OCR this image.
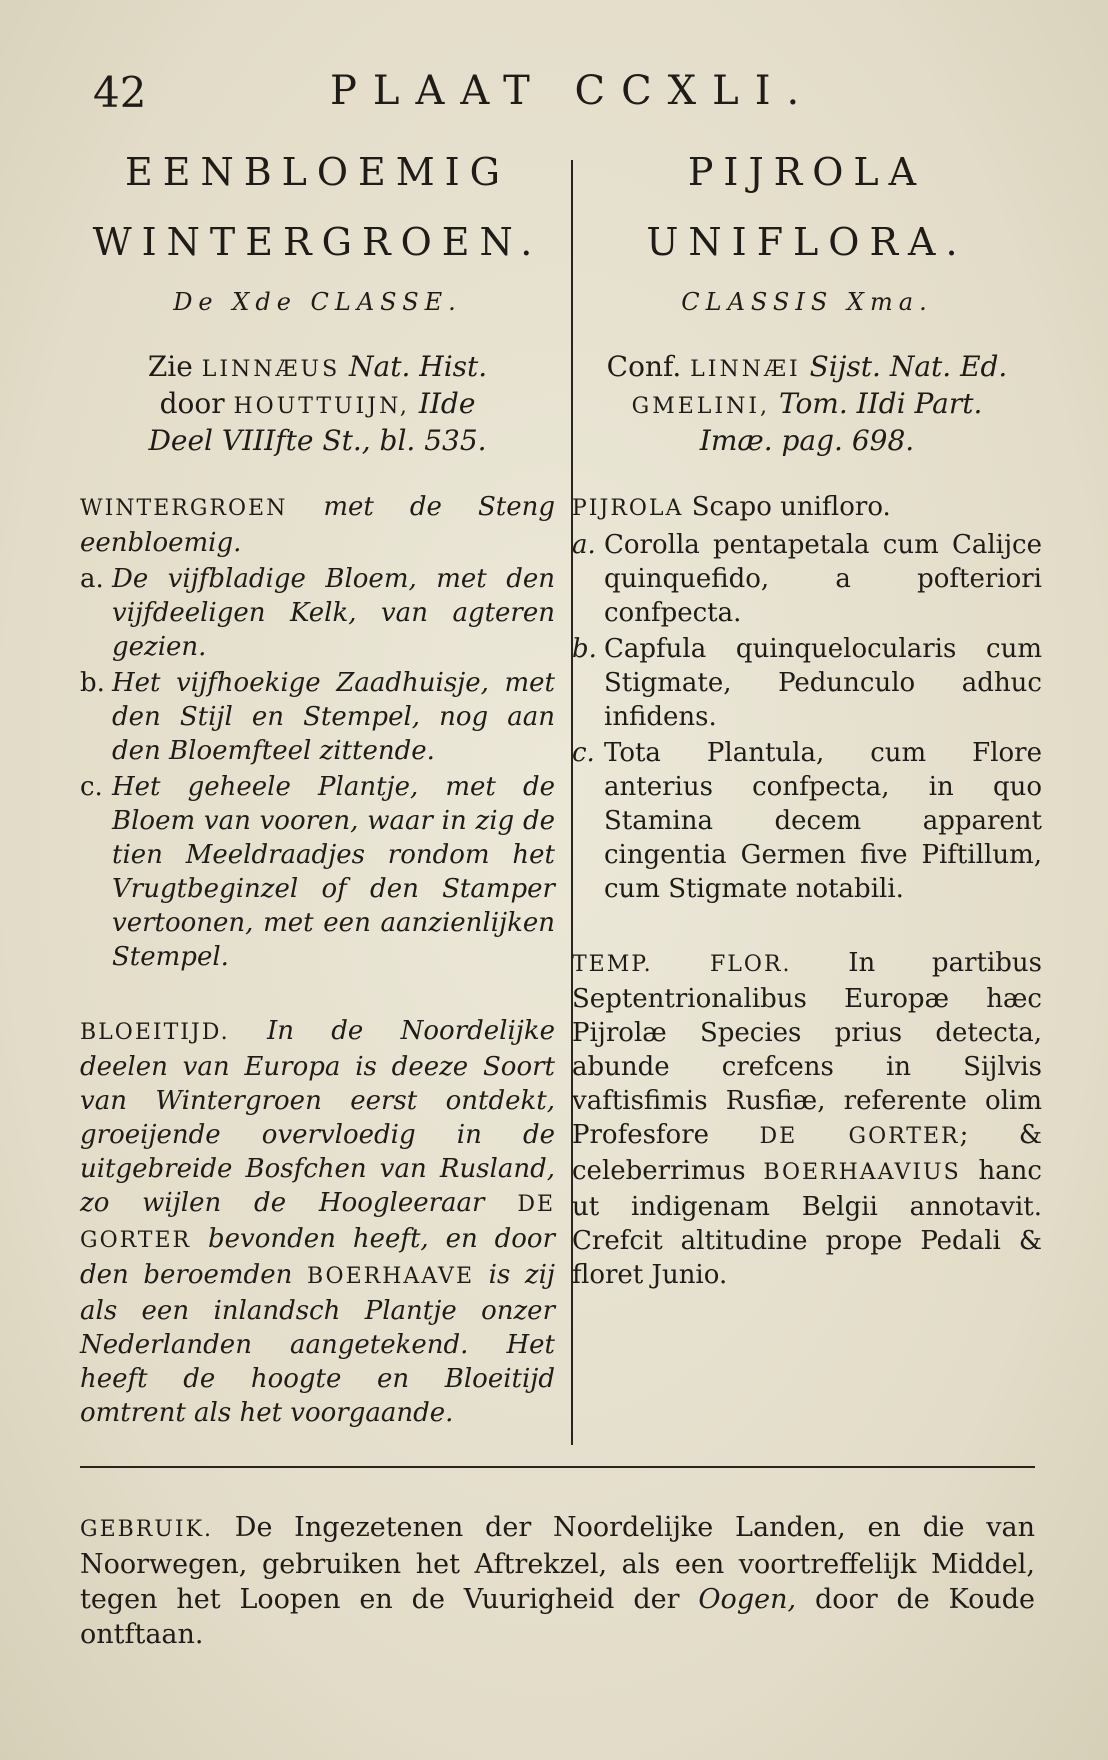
42	PLAAT CCXLI.

EENBLOEMIG

WINTERGROEN.

De Xde CLASSE.
Zie LINNÆUS Nat. Hist.
door HOUTTUIJN, IIde
Deel VIIIfte St., bl. 535.
WINTERGROEN met de Steng eenbloemig.
a. De vijfbladige Bloem, met den vijfdeeligen Kelk, van agteren gezien.
b. Het vijfhoekige Zaadhuisje, met den Stijl en Stempel, nog aan den Bloemfteel zittende.
c. Het geheele Plantje, met de Bloem van vooren, waar in zig de tien Meeldraadjes rondom het Vrugtbeginzel of den Stamper vertoonen, met een aanzienlijken Stempel.
BLOEITIJD. In de Noordelijke deelen van Europa is deeze Soort van Wintergroen eerst ontdekt, groeijende overvloedig in de uitgebreide Bosfchen van Rusland, zo wijlen de Hoogleeraar DE GORTER bevonden heeft, en door den beroemden BOERHAAVE is zij als een inlandsch Plantje onzer Nederlanden aangetekend. Het heeft de hoogte en Bloeitijd omtrent als het voorgaande.

PIJROLA

UNIFLORA.

CLASSIS Xma.
Conf. LINNÆI Sijst. Nat. Ed.
GMELINI, Tom. IIdi Part.
Imæ. pag. 698.
PIJROLA Scapo unifloro.
a. Corolla pentapetala cum Calijce quinquefido, a pofteriori confpecta.
b. Capfula quinquelocularis cum Stigmate, Pedunculo adhuc infidens.
c. Tota Plantula, cum Flore anterius confpecta, in quo Stamina decem apparent cingentia Germen five Piftillum, cum Stigmate notabili.
TEMP. FLOR. In partibus Septentrionalibus Europæ hæc Pijrolæ Species prius detecta, abunde crefcens in Sijlvis vaftisfimis Rusfiæ, referente olim Profesfore DE GORTER; & celeberrimus BOERHAAVIUS hanc ut indigenam Belgii annotavit. Crefcit altitudine prope Pedali & floret Junio.
GEBRUIK. De Ingezetenen der Noordelijke Landen, en die van Noorwegen, gebruiken het Aftrekzel, als een voortreffelijk Middel, tegen het Loopen en de Vuurigheid der Oogen, door de Koude ontftaan.
